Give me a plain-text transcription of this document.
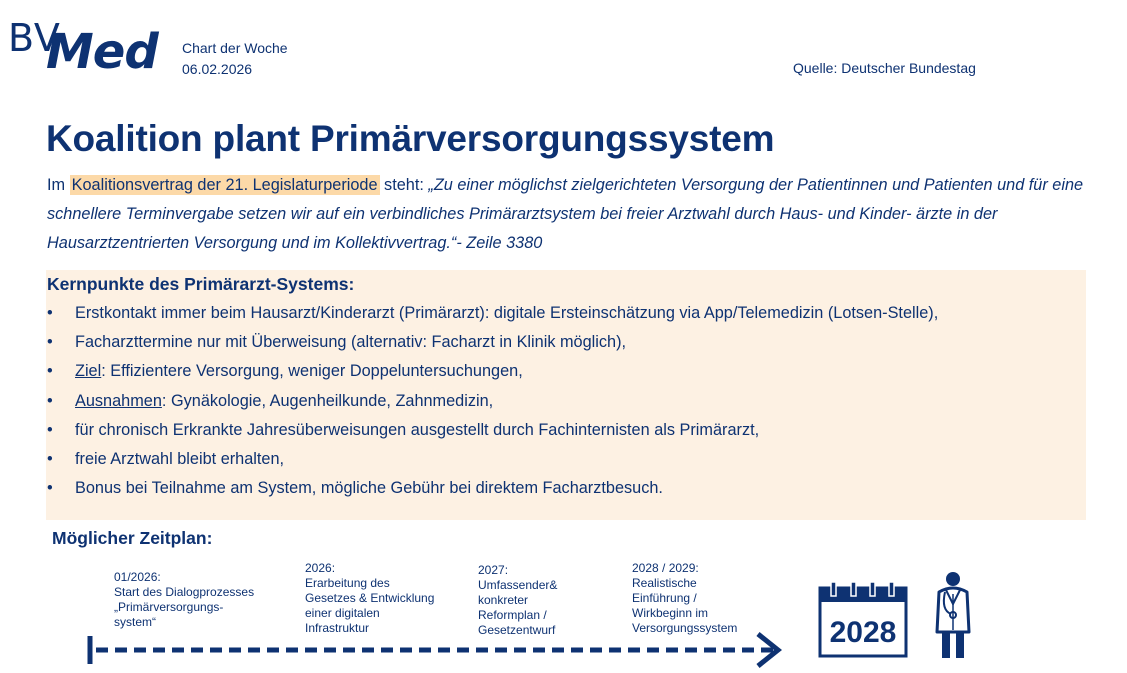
BV
Med Chart der Woche
06.02.2026	Quelle: Deutscher Bundestag
Koalition plant Primärversorgungssystem

Im Koalitionsvertrag der 21. Legislaturperiode steht: „Zu einer möglichst zielgerichteten Versorgung der Patientinnen und Patienten und für eine schnellere Terminvergabe setzen wir auf ein verbindliches Primärarztsystem bei freier Arztwahl durch Haus- und Kinder- ärzte in der Hausarztzentrierten Versorgung und im Kollektivvertrag.“- Zeile 3380

Kernpunkte des Primärarzt-Systems:
•	Erstkontakt immer beim Hausarzt/Kinderarzt (Primärarzt): digitale Ersteinschätzung via App/Telemedizin (Lotsen-Stelle),
•	Facharzttermine nur mit Überweisung (alternativ: Facharzt in Klinik möglich),
•	Ziel : Effizientere Versorgung, weniger Doppeluntersuchungen,
•	Ausnahmen : Gynäkologie, Augenheilkunde, Zahnmedizin,
•	für chronisch Erkrankte Jahresüberweisungen ausgestellt durch Fachinternisten als Primärarzt,
•	freie Arztwahl bleibt erhalten,
•	Bonus bei Teilnahme am System, mögliche Gebühr bei direktem Facharztbesuch.
Möglicher Zeitplan:
01/2026:
Start des Dialogprozesses
„Primärversorgungs-
system“
2026:
Erarbeitung des
Gesetzes & Entwicklung
einer digitalen
Infrastruktur
2027:
Umfassender&
konkreter
Reformplan /
Gesetzentwurf
2028 / 2029:
Realistische
Einführung /
Wirkbeginn im
Versorgungssystem	2028
